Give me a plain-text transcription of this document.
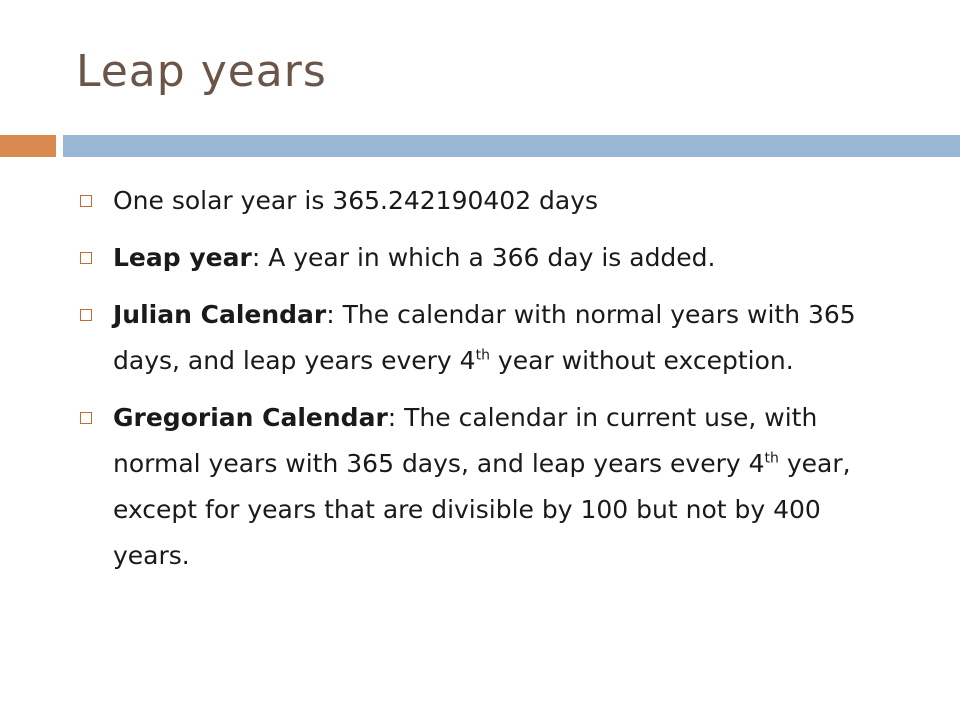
Leap years
One solar year is 365.242190402 days
Leap year: A year in which a 366 day is added.
Julian Calendar: The calendar with normal years with 365 days, and leap years every 4th year without exception.
Gregorian Calendar: The calendar in current use, with normal years with 365 days, and leap years every 4th year, except for years that are divisible by 100 but not by 400 years.
